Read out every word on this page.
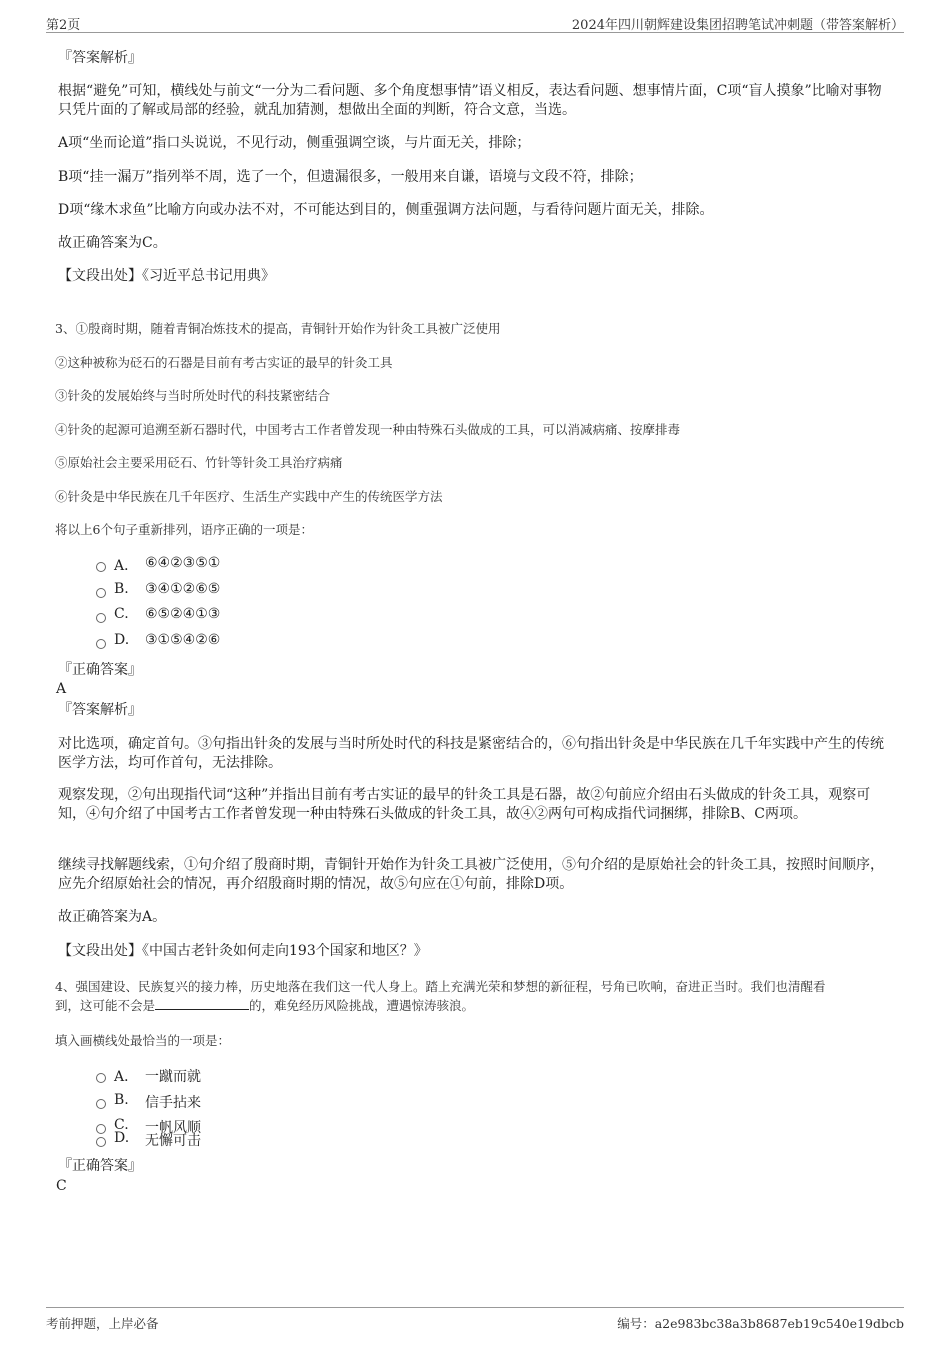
第2页	2024年四川朝辉建设集团招聘笔试冲刺题（带答案解析）
『答案解析』
根据“避免”可知，横线处与前文“一分为二看问题、多个角度想事情”语义相反，表达看问题、想事情片面，C项“盲人摸象”比喻对事物只凭片面的了解或局部的经验，就乱加猜测，想做出全面的判断，符合文意，当选。
A项“坐而论道”指口头说说，不见行动，侧重强调空谈，与片面无关，排除；
B项“挂一漏万”指列举不周，选了一个，但遗漏很多，一般用来自谦，语境与文段不符，排除；
D项“缘木求鱼”比喻方向或办法不对，不可能达到目的，侧重强调方法问题，与看待问题片面无关，排除。
故正确答案为C。
【文段出处】《习近平总书记用典》
3、①殷商时期，随着青铜冶炼技术的提高，青铜针开始作为针灸工具被广泛使用
②这种被称为砭石的石器是目前有考古实证的最早的针灸工具
③针灸的发展始终与当时所处时代的科技紧密结合
④针灸的起源可追溯至新石器时代，中国考古工作者曾发现一种由特殊石头做成的工具，可以消减病痛、按摩排毒
⑤原始社会主要采用砭石、竹针等针灸工具治疗病痛
⑥针灸是中华民族在几千年医疗、生活生产实践中产生的传统医学方法
将以上6个句子重新排列，语序正确的一项是：
A． ⑥④②③⑤①
B. ③④①②⑥⑤
C. ⑥⑤②④①③
D. ③①⑤④②⑥
『正确答案』
A
『答案解析』
对比选项，确定首句。③句指出针灸的发展与当时所处时代的科技是紧密结合的，⑥句指出针灸是中华民族在几千年实践中产生的传统医学方法，均可作首句，无法排除。
观察发现，②句出现指代词“这种”并指出目前有考古实证的最早的针灸工具是石器，故②句前应介绍由石头做成的针灸工具，观察可知，④句介绍了中国考古工作者曾发现一种由特殊石头做成的针灸工具，故④②两句可构成指代词捆绑，排除B、C两项。
继续寻找解题线索，①句介绍了殷商时期，青铜针开始作为针灸工具被广泛使用，⑤句介绍的是原始社会的针灸工具，按照时间顺序，应先介绍原始社会的情况，再介绍殷商时期的情况，故⑤句应在①句前，排除D项。
故正确答案为A。
【文段出处】《中国古老针灸如何走向193个国家和地区？》
4、强国建设、民族复兴的接力棒，历史地落在我们这一代人身上。踏上充满光荣和梦想的新征程，号角已吹响，奋进正当时。我们也清醒看
到，这可能不会是	的，难免经历风险挑战，遭遇惊涛骇浪。
填入画横线处最恰当的一项是：
A． 一蹴而就
B. 信手拈来
C. 一帆风顺
D. 无懈可击
『正确答案』
C
考前押题，上岸必备	编号：a2e983bc38a3b8687eb19c540e19dbcb
